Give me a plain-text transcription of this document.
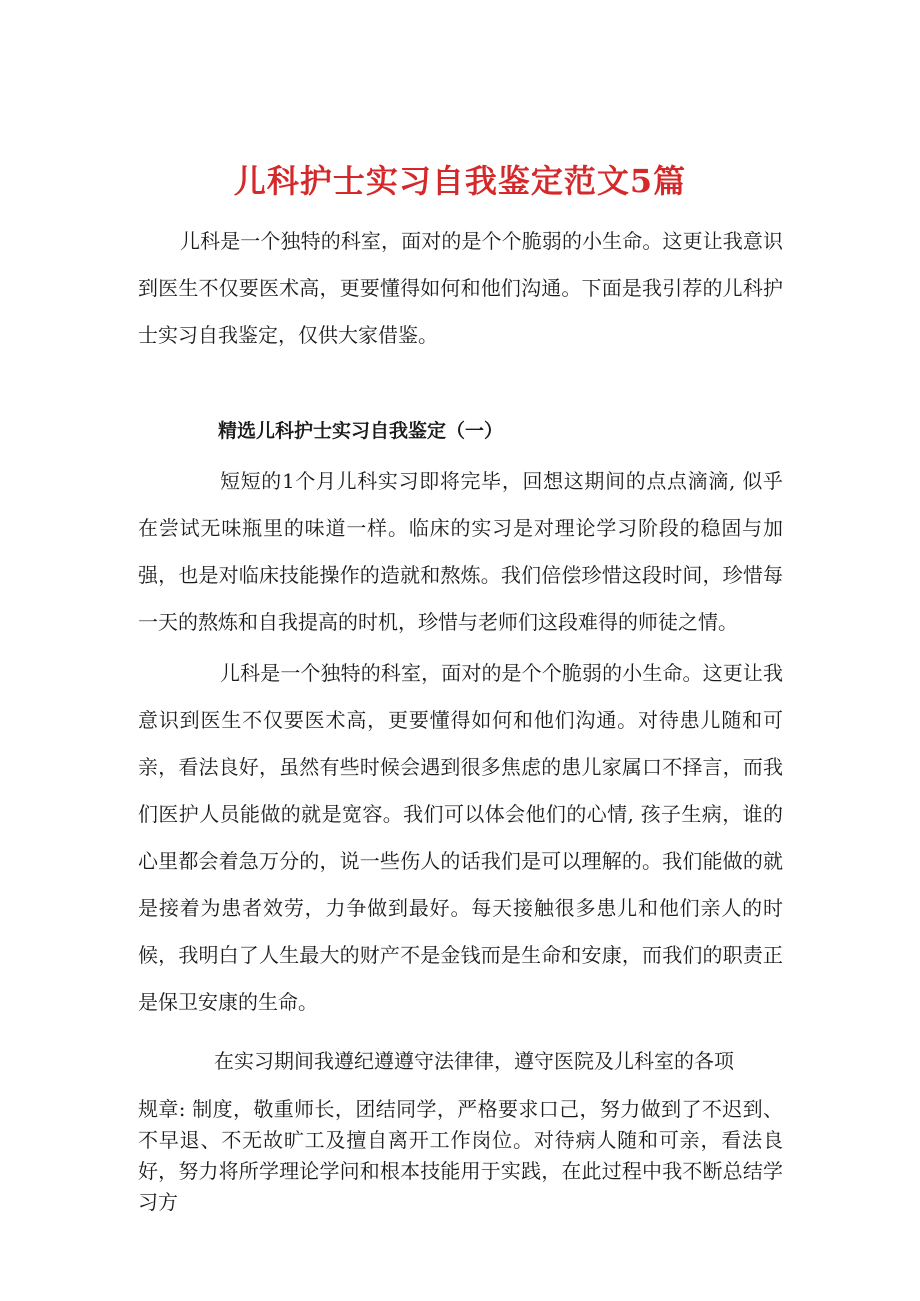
儿科护士实习自我鉴定范文5篇

儿科是一个独特的科室，面对的是个个脆弱的小生命。这更让我意识到医生不仅要医术高，更要懂得如何和他们沟通。下面是我引荐的儿科护士实习自我鉴定，仅供大家借鉴。

精选儿科护士实习自我鉴定（一）

短短的1个月儿科实习即将完毕，回想这期间的点点滴滴, 似乎在尝试无味瓶里的味道一样。临床的实习是对理论学习阶段的稳固与加强，也是对临床技能操作的造就和熬炼。我们倍偿珍惜这段时间，珍惜每一天的熬炼和自我提高的时机，珍惜与老师们这段难得的师徒之情。

儿科是一个独特的科室，面对的是个个脆弱的小生命。这更让我意识到医生不仅要医术高，更要懂得如何和他们沟通。对待患儿随和可亲，看法良好，虽然有些时候会遇到很多焦虑的患儿家属口不择言，而我们医护人员能做的就是宽容。我们可以体会他们的心情, 孩子生病，谁的心里都会着急万分的，说一些伤人的话我们是可以理解的。我们能做的就是接着为患者效劳，力争做到最好。每天接触很多患儿和他们亲人的时候，我明白了人生最大的财产不是金钱而是生命和安康，而我们的职责正是保卫安康的生命。

在实习期间我遵纪遵遵守法律律，遵守医院及儿科室的各项

规章: 制度，敬重师长，团结同学，严格要求口己，努力做到了不迟到、不早退、不无故旷工及擅自离开工作岗位。对待病人随和可亲，看法良好，努力将所学理论学问和根本技能用于实践，在此过程中我不断总结学习方
